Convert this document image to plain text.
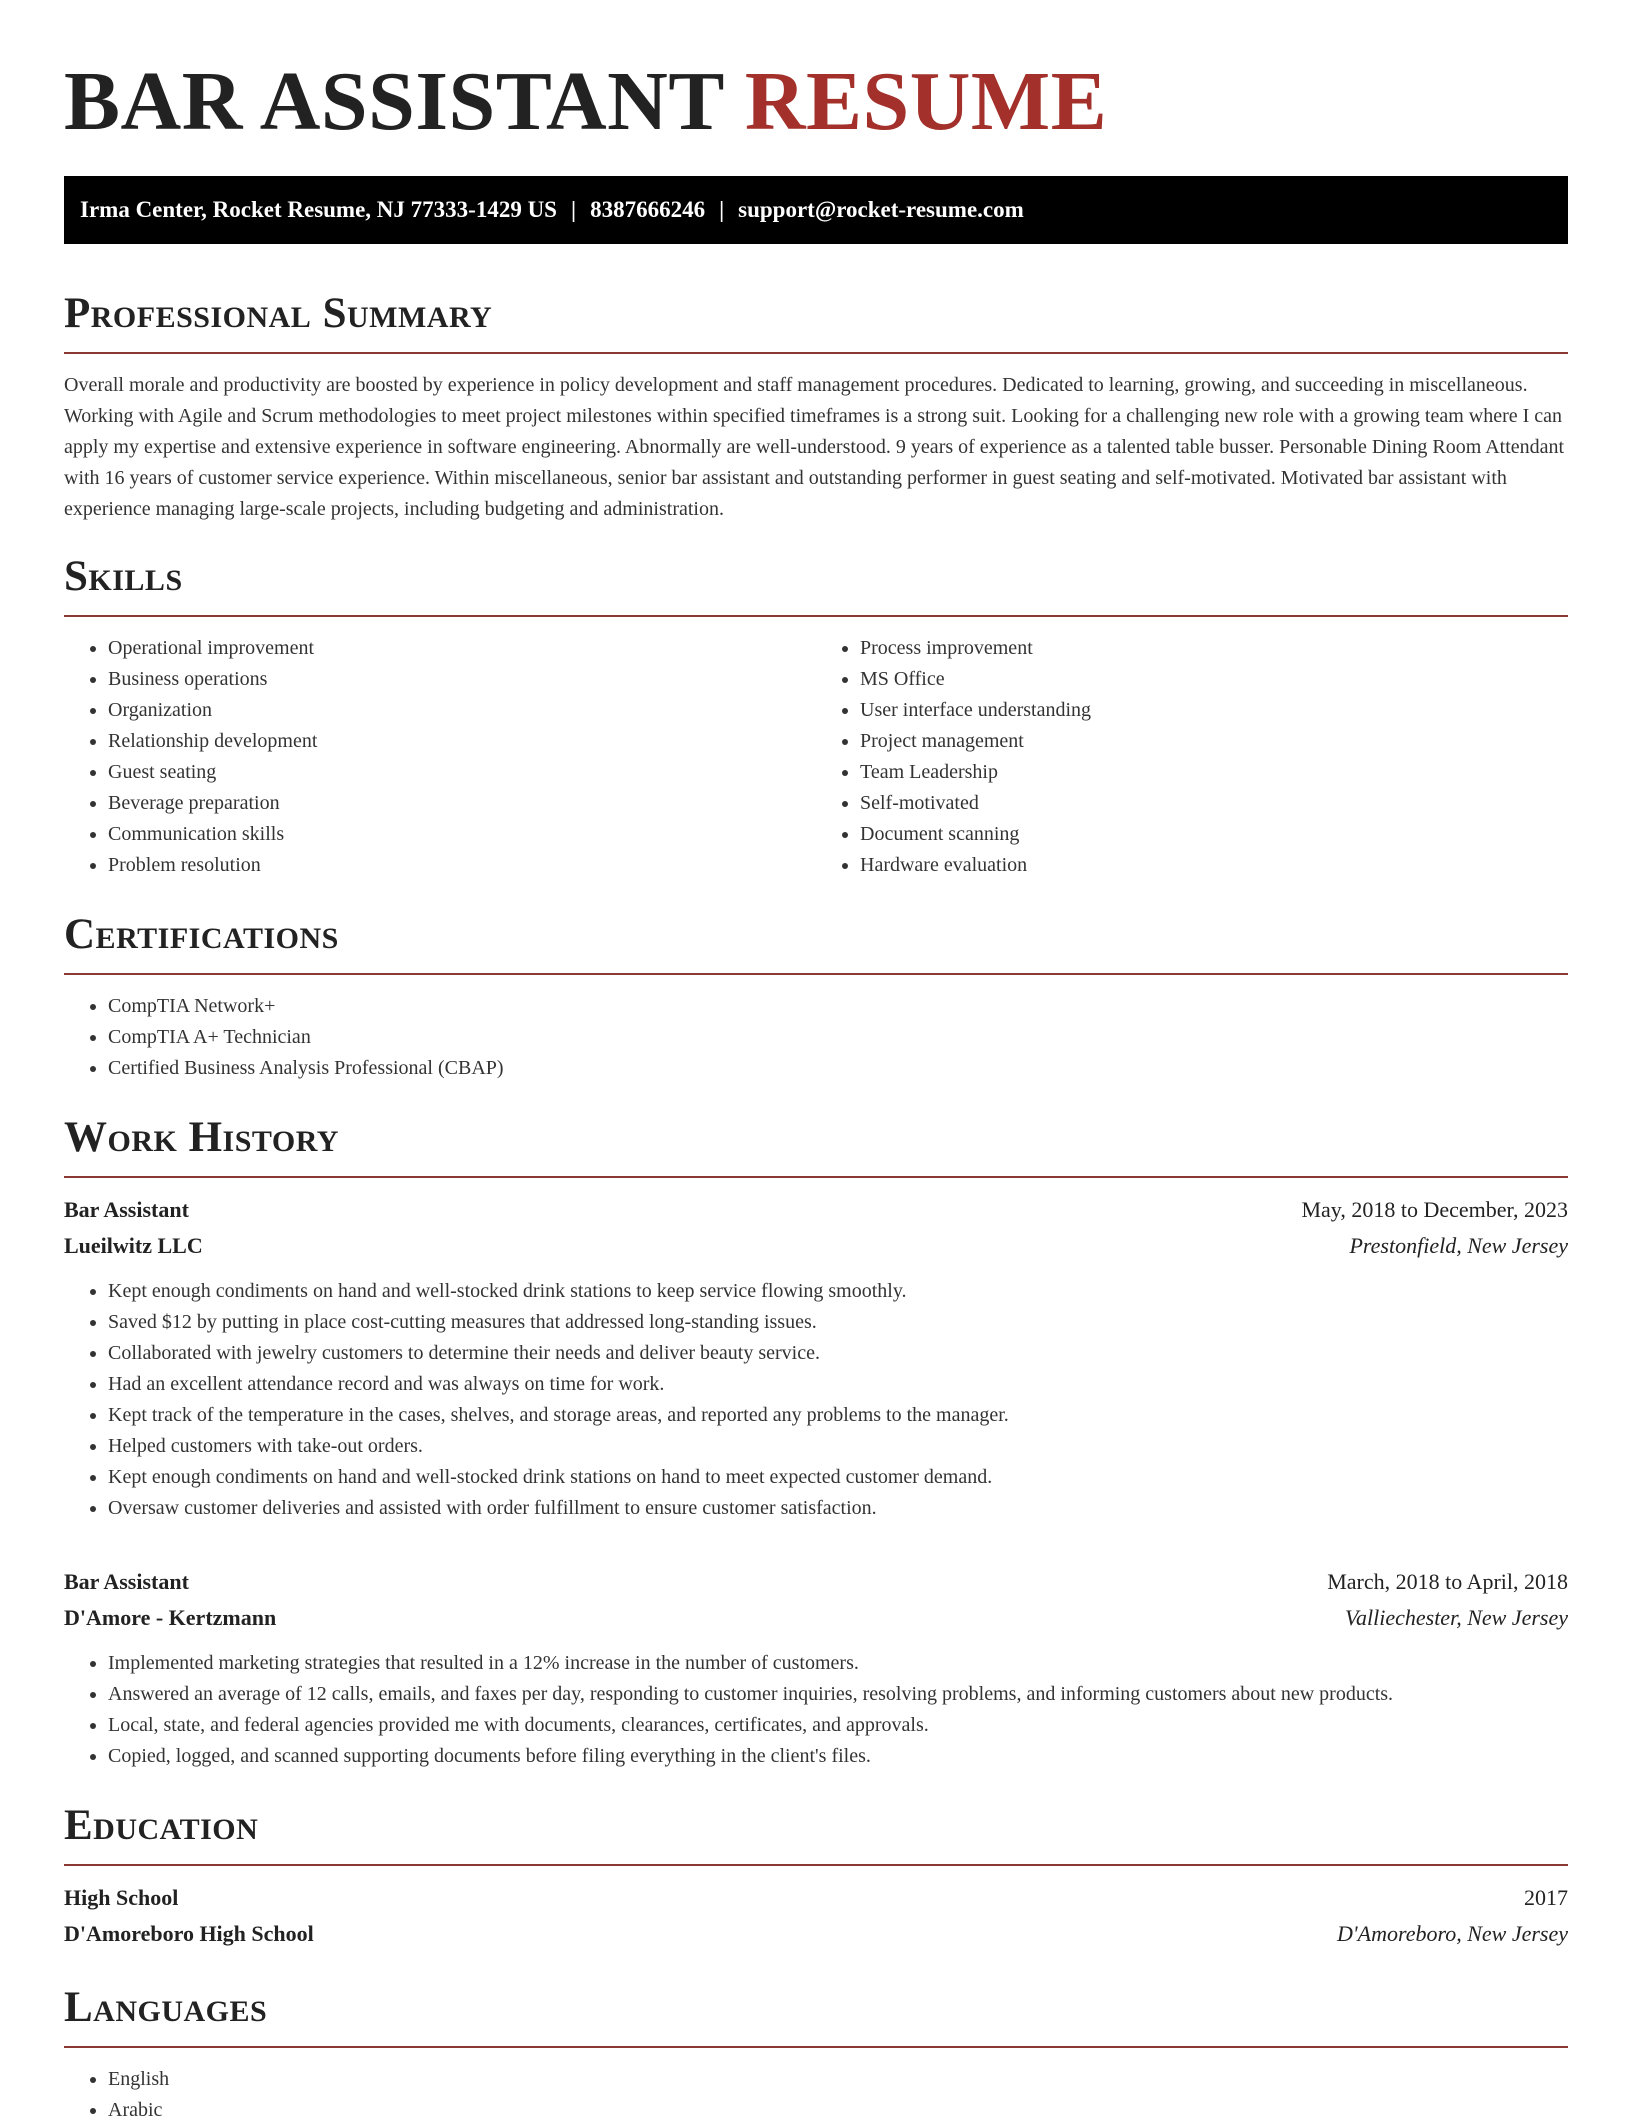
BAR ASSISTANT RESUME
Irma Center, Rocket Resume, NJ 77333-1429 US | 8387666246 | support@rocket-resume.com
Professional Summary

Overall morale and productivity are boosted by experience in policy development and staff management procedures. Dedicated to learning, growing, and succeeding in miscellaneous. Working with Agile and Scrum methodologies to meet project milestones within specified timeframes is a strong suit. Looking for a challenging new role with a growing team where I can apply my expertise and extensive experience in software engineering. Abnormally are well-understood. 9 years of experience as a talented table busser. Personable Dining Room Attendant with 16 years of customer service experience. Within miscellaneous, senior bar assistant and outstanding performer in guest seating and self-motivated. Motivated bar assistant with experience managing large-scale projects, including budgeting and administration.

Skills
• Operational improvement
• Business operations
• Organization
• Relationship development
• Guest seating
• Beverage preparation
• Communication skills
• Problem resolution
• Process improvement
• MS Office
• User interface understanding
• Project management
• Team Leadership
• Self-motivated
• Document scanning
• Hardware evaluation
Certifications
• CompTIA Network+
• CompTIA A+ Technician
• Certified Business Analysis Professional (CBAP)
Work History
Bar Assistant	May, 2018 to December, 2023
Lueilwitz LLC	Prestonfield, New Jersey
• Kept enough condiments on hand and well-stocked drink stations to keep service flowing smoothly.
• Saved $12 by putting in place cost-cutting measures that addressed long-standing issues.
• Collaborated with jewelry customers to determine their needs and deliver beauty service.
• Had an excellent attendance record and was always on time for work.
• Kept track of the temperature in the cases, shelves, and storage areas, and reported any problems to the manager.
• Helped customers with take-out orders.
• Kept enough condiments on hand and well-stocked drink stations on hand to meet expected customer demand.
• Oversaw customer deliveries and assisted with order fulfillment to ensure customer satisfaction.
Bar Assistant	March, 2018 to April, 2018
D'Amore - Kertzmann	Valliechester, New Jersey
• Implemented marketing strategies that resulted in a 12% increase in the number of customers.
• Answered an average of 12 calls, emails, and faxes per day, responding to customer inquiries, resolving problems, and informing customers about new products.
• Local, state, and federal agencies provided me with documents, clearances, certificates, and approvals.
• Copied, logged, and scanned supporting documents before filing everything in the client's files.
Education
High School	2017
D'Amoreboro High School	D'Amoreboro, New Jersey
Languages
• English
• Arabic
